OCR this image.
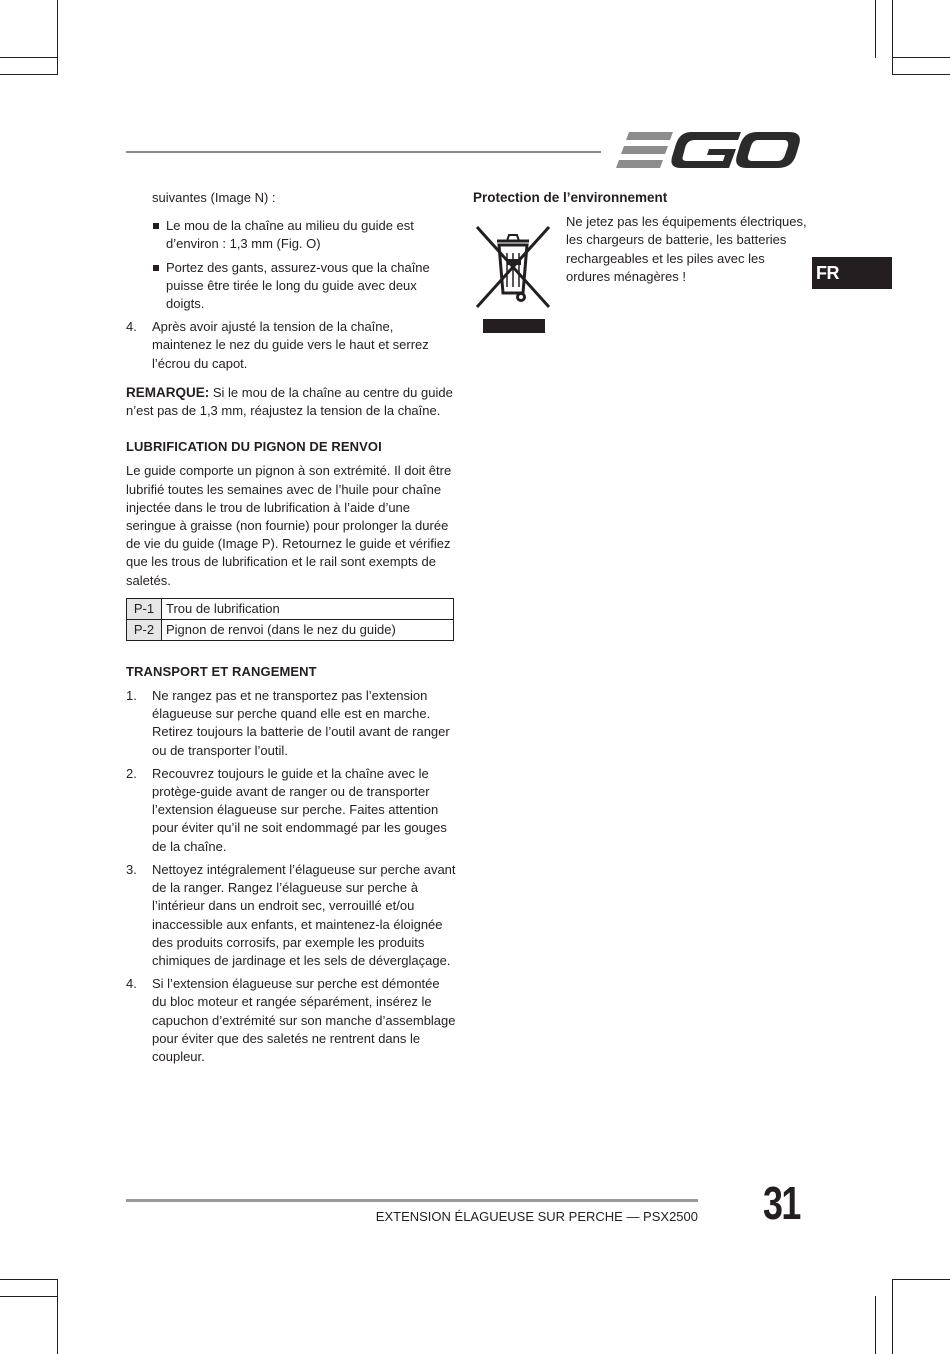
FR

suivantes (Image N) :

Le mou de la chaîne au milieu du guide est d’environ : 1,3 mm (Fig. O)
Portez des gants, assurez-vous que la chaîne puisse être tirée le long du guide avec deux doigts.
4. Après avoir ajusté la tension de la chaîne, maintenez le nez du guide vers le haut et serrez l’écrou du capot.

REMARQUE: Si le mou de la chaîne au centre du guide n’est pas de 1,3 mm, réajustez la tension de la chaîne.

LUBRIFICATION DU PIGNON DE RENVOI

Le guide comporte un pignon à son extrémité. Il doit être lubrifié toutes les semaines avec de l’huile pour chaîne injectée dans le trou de lubrification à l’aide d’une seringue à graisse (non fournie) pour prolonger la durée de vie du guide (Image P). Retournez le guide et vérifiez que les trous de lubrification et le rail sont exempts de saletés.

P-1	Trou de lubrification
P-2	Pignon de renvoi (dans le nez du guide)
TRANSPORT ET RANGEMENT
1. Ne rangez pas et ne transportez pas l’extension élagueuse sur perche quand elle est en marche. Retirez toujours la batterie de l’outil avant de ranger ou de transporter l’outil.
2. Recouvrez toujours le guide et la chaîne avec le protège-guide avant de ranger ou de transporter l’extension élagueuse sur perche. Faites attention pour éviter qu’il ne soit endommagé par les gouges de la chaîne.
3. Nettoyez intégralement l’élagueuse sur perche avant de la ranger. Rangez l’élagueuse sur perche à l’intérieur dans un endroit sec, verrouillé et/ou inaccessible aux enfants, et maintenez-la éloignée des produits corrosifs, par exemple les produits chimiques de jardinage et les sels de déverglaçage.
4. Si l’extension élagueuse sur perche est démontée du bloc moteur et rangée séparément, insérez le capuchon d’extrémité sur son manche d’assemblage pour éviter que des saletés ne rentrent dans le coupleur.

Protection de l’environnement

Ne jetez pas les équipements électriques, les chargeurs de batterie, les batteries rechargeables et les piles avec les ordures ménagères !

EXTENSION ÉLAGUEUSE SUR PERCHE — PSX2500 31
